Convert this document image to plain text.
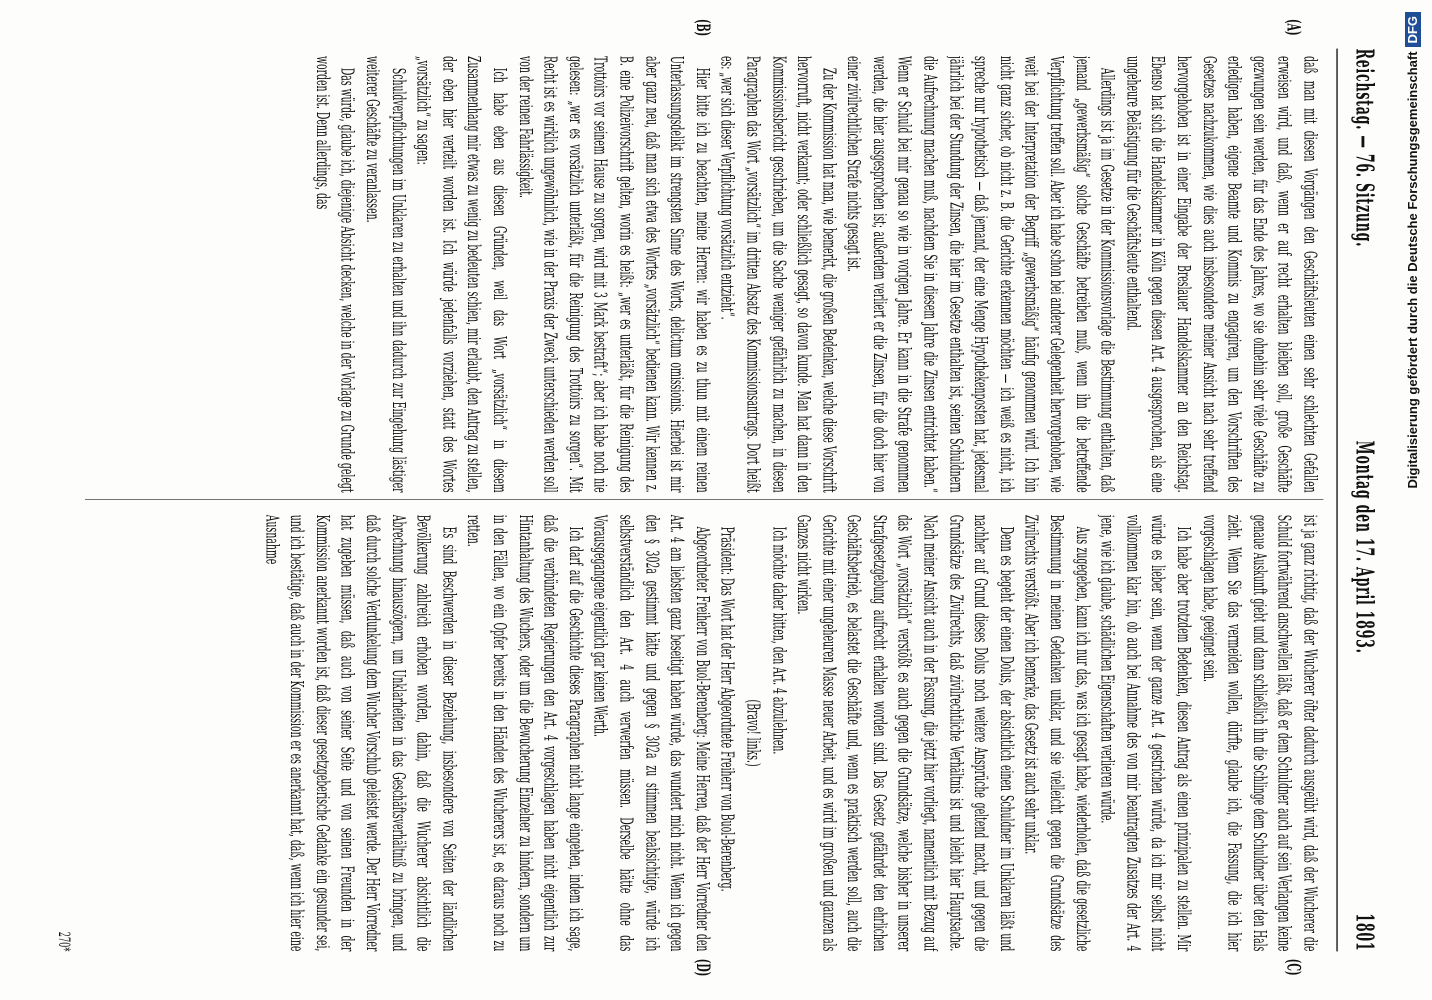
Reichstag. — 76. Sitzung.
Montag den 17. April 1893.
1801
(A)
(B)
(C)
(D)

daß man mit diesen Vorgängen den Geschäftsleuten einen sehr schlechten Gefallen erweisen wird, und daß, wenn er auf recht erhalten bleiben soll, große Geschäfte gezwungen sein werden, für das Ende des Jahres, wo sie ohnehin sehr viele Geschäfte zu erledigen haben, eigene Beamte und Kommis zu engagiren, um den Vorschriften des Gesetzes nachzukommen, wie dies auch insbesondere meiner Ansicht nach sehr treffend hervorgehoben ist in einer Eingabe der Breslauer Handelskammer an den Reichstag. Ebenso hat sich die Handelskammer in Köln gegen diesen Art. 4 ausgesprochen, als eine ungeheure Belästigung für die Geschäftsleute enthaltend.

Allerdings ist ja im Gesetze in der Kommissionsvorlage die Bestimmung enthalten, daß jemand „gewerbsmäßig“ solche Geschäfte betreiben muß, wenn ihn die betreffende Verpflichtung treffen soll. Aber ich habe schon bei anderer Gelegenheit hervorgehoben, wie weit bei der Interpretation der Begriff „gewerbsmäßig“ häufig genommen wird. Ich bin nicht ganz sicher, ob nicht z. B. die Gerichte erkennen möchten — ich weiß es nicht, ich spreche nur hypothetisch — daß jemand, der eine Menge Hypothekenposten hat, jedesmal jährlich bei der Stundung der Zinsen, die hier im Gesetze enthalten ist, seinen Schuldnern die Aufrechnung machen muß, nachdem Sie in diesem Jahre die Zinsen entrichtet haben.“ Wenn er Schuld bei mir genau so wie in vorigen Jahre. Er kann in die Strafe genommen werden, die hier ausgesprochen ist; außerdem verliert er die Zinsen, für die doch hier von einer zivilrechtlichen Strafe nichts gesagt ist.

Zu der Kommission hat man, wie bemerkt, die großen Bedenken, welche diese Vorschrift hervorruft, nicht verkannt; oder schließlich gesagt, so davon kunde. Man hat dann in den Kommissionsbericht geschrieben, um die Sache weniger gefährlich zu machen, in diesen Paragraphen das Wort „vorsätzlich“ im dritten Absatz des Kommissionsantrags. Dort heißt es: „wer sich dieser Verpflichtung vorsätzlich entzieht“.

Hier bitte ich zu beachten, meine Herren: wir haben es zu thun mit einem reinen Unterlassungsdelikt im strengsten Sinne des Worts, delictum omissionis. Hierbei ist mir aber ganz neu, daß man sich etwa des Wortes „vorsätzlich“ bedienen kann. Wir kennen z. B. eine Polizeivorschrift gelten, worin es heißt: „wer es unterläßt, für die Reinigung des Trottoirs vor seinem Hause zu sorgen, wird mit 3 Mark bestraft“; aber ich habe noch nie gelesen: „wer es vorsätzlich unterläßt, für die Reinigung des Trottoirs zu sorgen“. Mit Recht ist es wirklich ungewöhnlich, wie in der Praxis der Zweck unterschieden werden soll von der reinen Fahrlässigkeit.

Ich habe eben aus diesen Gründen, weil das Wort „vorsätzlich“ in diesem Zusammenhang mir etwas zu wenig zu bedeuten schien, mir erlaubt, den Antrag zu stellen, der eben hier verteilt worden ist. Ich würde jedenfalls vorziehen, statt des Wortes „vorsätzlich“ zu sagen:

Schuldverpflichtungen im Unklaren zu erhalten und ihn dadurch zur Eingehung lästiger weiterer Geschäfte zu veranlassen.

Das würde, glaube ich, diejenige Absicht decken, welche in der Vorlage zu Grunde gelegt worden ist. Denn allerdings, das

ist ja ganz richtig, daß der Wucherer öfter dadurch ausgeübt wird, daß der Wucherer die Schuld fortwährend anschwellen läßt, daß er dem Schuldner auch auf sein Verlangen keine genaue Auskunft giebt und dann schließlich ihn die Schlinge dem Schuldner über den Hals zieht. Wenn Sie das vermeiden wollen, dürfte, glaube ich, die Fassung, die ich hier vorgeschlagen habe, geeignet sein.

Ich habe aber trotzdem Bedenken, diesen Antrag als einen prinzipalen zu stellen. Mir würde es lieber sein, wenn der ganze Art. 4 gestrichen würde, da ich mir selbst nicht vollkommen klar bin, ob auch bei Annahme des von mir beantragten Zusatzes der Art. 4 jene, wie ich glaube, schädlichen Eigenschaften verlieren würde.

Aus zugegeben, kann ich nur das, was ich gesagt habe, wiederholen, daß die gesetzliche Bestimmung in meinen Gedanken unklar, und sie vielleicht gegen die Grundsätze des Zivilrechts verstößt. Aber ich bemerke, das Gesetz ist auch sehr unklar.

Denn es begeht der einen Dolus, der absichtlich einen Schuldner im Unklaren läßt und nachher auf Grund dieses Dolus noch weitere Ansprüche geltend macht, und gegen die Grundsätze des Zivilrechts, daß zivilrechtliche Verhältnis ist und bleibt hier Hauptsache. Nach meiner Ansicht auch in der Fassung, die jetzt hier vorliegt, namentlich mit Bezug auf das Wort „vorsätzlich“ verstößt es auch gegen die Grundsätze, welche bisher in unserer Strafgesetzgebung aufrecht erhalten worden sind. Das Gesetz gefährdet den ehrlichen Geschäftsbetrieb, es belastet die Geschäfte und, wenn es praktisch werden soll, auch die Gerichte mit einer ungeheuren Masse neuer Arbeit, und es wird im großen und ganzen als Ganzes nicht wirken.

Ich möchte daher bitten, den Art. 4 abzulehnen.

(Bravo! links.)

Präsident: Das Wort hat der Herr Abgeordnete Freiherr von Buol-Berenberg.

Abgeordneter Freiherr von Buol-Berenberg: Meine Herren, daß der Herr Vorredner den Art. 4 am liebsten ganz beseitigt haben würde, das wundert mich nicht. Wenn ich gegen den § 302a gestimmt hätte und gegen § 302a zu stimmen beabsichtige, würde ich selbstverständlich den Art. 4 auch verwerfen müssen. Derselbe hätte ohne das Vorausgegangene eigentlich gar keinen Werth.

Ich darf auf die Geschichte dieses Paragraphen nicht lange eingehen, indem ich sage, daß die verbündeten Regierungen den Art. 4 vorgeschlagen haben nicht eigentlich zur Hintanhaltung des Wuchers, oder um die Bewucherung Einzelner zu hindern, sondern um in den Fällen, wo ein Opfer bereits in den Händen des Wucherers ist, es daraus noch zu retten.

Es sind Beschwerden in dieser Beziehung, insbesondere von Seiten der ländlichen Bevölkerung zahlreich erhoben worden, dahin, daß die Wucherer absichtlich die Abrechnung hinauszögern, um Unklarheiten in das Geschäftsverhältniß zu bringen, und daß durch solche Verdunkelung dem Wucher Vorschub geleistet werde. Der Herr Vorredner hat zugeben müssen, daß auch von seiner Seite und von seinen Freunden in der Kommission anerkannt worden ist, daß dieser gesetzgeberische Gedanke ein gesunder sei, und ich bestätige, daß auch in der Kommission er es anerkannt hat, daß, wenn ich hier eine Ausnahme

270*
Digitalisierung gefördert durch die Deutsche ForschungsgemeinschaftDFG
